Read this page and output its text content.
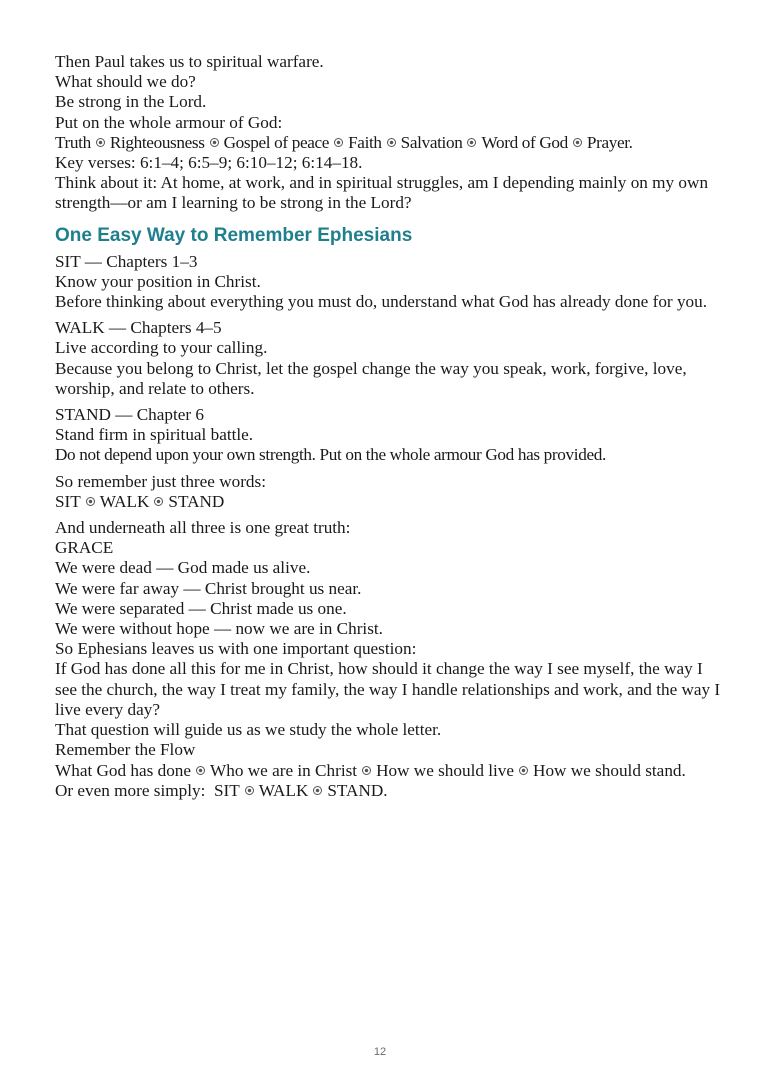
Then Paul takes us to spiritual warfare.
What should we do?
Be strong in the Lord.
Put on the whole armour of God:
Truth Righteousness Gospel of peace Faith Salvation Word of God Prayer.
Key verses: 6:1–4; 6:5–9; 6:10–12; 6:14–18.
Think about it: At home, at work, and in spiritual struggles, am I depending mainly on my own strength—or am I learning to be strong in the Lord?
One Easy Way to Remember Ephesians
SIT — Chapters 1–3
Know your position in Christ.
Before thinking about everything you must do, understand what God has already done for you.
WALK — Chapters 4–5
Live according to your calling.
Because you belong to Christ, let the gospel change the way you speak, work, forgive, love, worship, and relate to others.
STAND — Chapter 6
Stand firm in spiritual battle.
Do not depend upon your own strength. Put on the whole armour God has provided.
So remember just three words:
SIT WALK STAND
And underneath all three is one great truth:
GRACE
We were dead — God made us alive.
We were far away — Christ brought us near.
We were separated — Christ made us one.
We were without hope — now we are in Christ.
So Ephesians leaves us with one important question:
If God has done all this for me in Christ, how should it change the way I see myself, the way I see the church, the way I treat my family, the way I handle relationships and work, and the way I live every day?
That question will guide us as we study the whole letter.
Remember the Flow
What God has done Who we are in Christ How we should live How we should stand.
Or even more simply: SIT WALK STAND.
12
